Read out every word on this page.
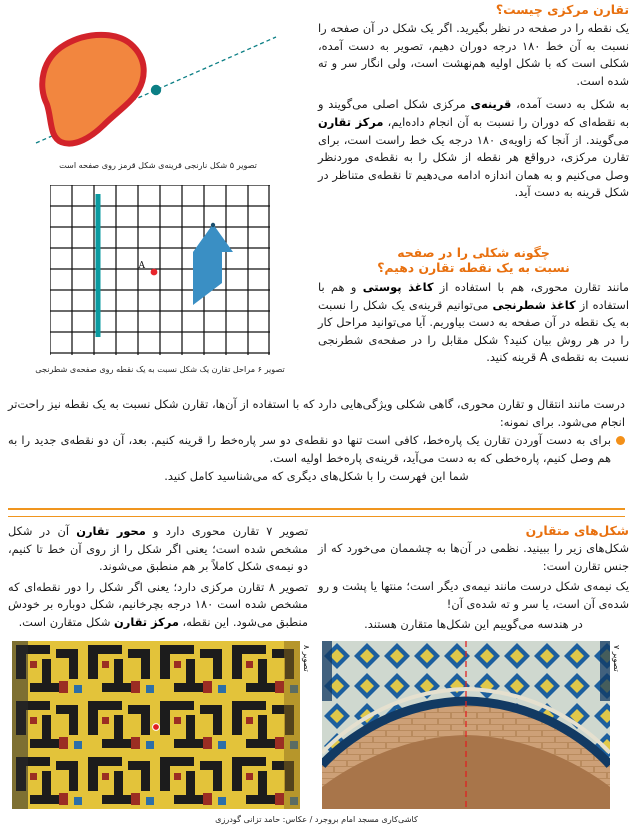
تصویر ۵ شکل نارنجی قرینه‌ی شکل قرمز روی صفحه است
تقارن مرکزی چیست؟

یک نقطه را در صفحه در نظر بگیرید. اگر یک شکل در آن صفحه را نسبت به آن خط ۱۸۰ درجه دوران دهیم، تصویر به دست آمده، شکلی است که با شکل اولیه هم‌نهشت است، ولی انگار سر و ته شده است.

به شکل به دست آمده، قرینه‌ی مرکزی شکل اصلی می‌گویند و به نقطه‌ای که دوران را نسبت به آن انجام داده‌ایم، مرکز تقارن می‌گویند. از آنجا که زاویه‌ی ۱۸۰ درجه یک خط راست است، برای تقارن مرکزی، درواقع هر نقطه از شکل را به نقطه‌ی موردنظر وصل می‌کنیم و به همان اندازه ادامه می‌دهیم تا نقطه‌ی متناظر در شکل قرینه به دست آید.

چگونه شکلی را در صفحه
نسبت به یک نقطه تقارن دهیم؟

مانند تقارن محوری، هم با استفاده از کاغذ پوستی و هم با استفاده از کاغذ شطرنجی می‌توانیم قرینه‌ی یک شکل را نسبت به یک نقطه در آن صفحه به دست بیاوریم. آیا می‌توانید مراحل کار را در هر روش بیان کنید؟ شکل مقابل را در صفحه‌ی شطرنجی نسبت به نقطه‌ی A قرینه کنید.

A
تصویر ۶ مراحل تقارن یک شکل نسبت به یک نقطه روی صفحه‌ی شطرنجی

درست مانند انتقال و تقارن محوری، گاهی شکلی ویژگی‌هایی دارد که با استفاده از آن‌ها، تقارن شکل نسبت به یک نقطه نیز راحت‌تر انجام می‌شود. برای نمونه:

برای به دست آوردن تقارن یک پاره‌خط، کافی است تنها دو نقطه‌ی دو سر پاره‌خط را قرینه کنیم. بعد، آن دو نقطه‌ی جدید را به هم وصل کنیم، پاره‌خطی که به دست می‌آید، قرینه‌ی پاره‌خط اولیه است.

شما این فهرست را با شکل‌های دیگری که می‌شناسید کامل کنید.

شکل‌های متقارن

شکل‌های زیر را ببینید. نظمی در آن‌ها به چشممان می‌خورد که از جنس تقارن است:

یک نیمه‌ی شکل درست مانند نیمه‌ی دیگر است؛ منتها یا پشت و رو شده‌ی آن است، یا سر و ته شده‌ی آن!

در هندسه می‌گوییم این شکل‌ها متقارن هستند.

تصویر ۷ تقارن محوری دارد و محور تقارن آن در شکل مشخص شده است؛ یعنی اگر شکل را از روی آن خط تا کنیم، دو نیمه‌ی شکل کاملاً بر هم منطبق می‌شوند.

تصویر ۸ تقارن مرکزی دارد؛ یعنی اگر شکل را دور نقطه‌ای که مشخص شده است ۱۸۰ درجه بچرخانیم، شکل دوباره بر خودش منطبق می‌شود. این نقطه، مرکز تقارن شکل متقارن است.

تصویر ۸
تصویر ۷
کاشی‌کاری مسجد امام بروجرد / عکاس: حامد تزانی گودرزی
